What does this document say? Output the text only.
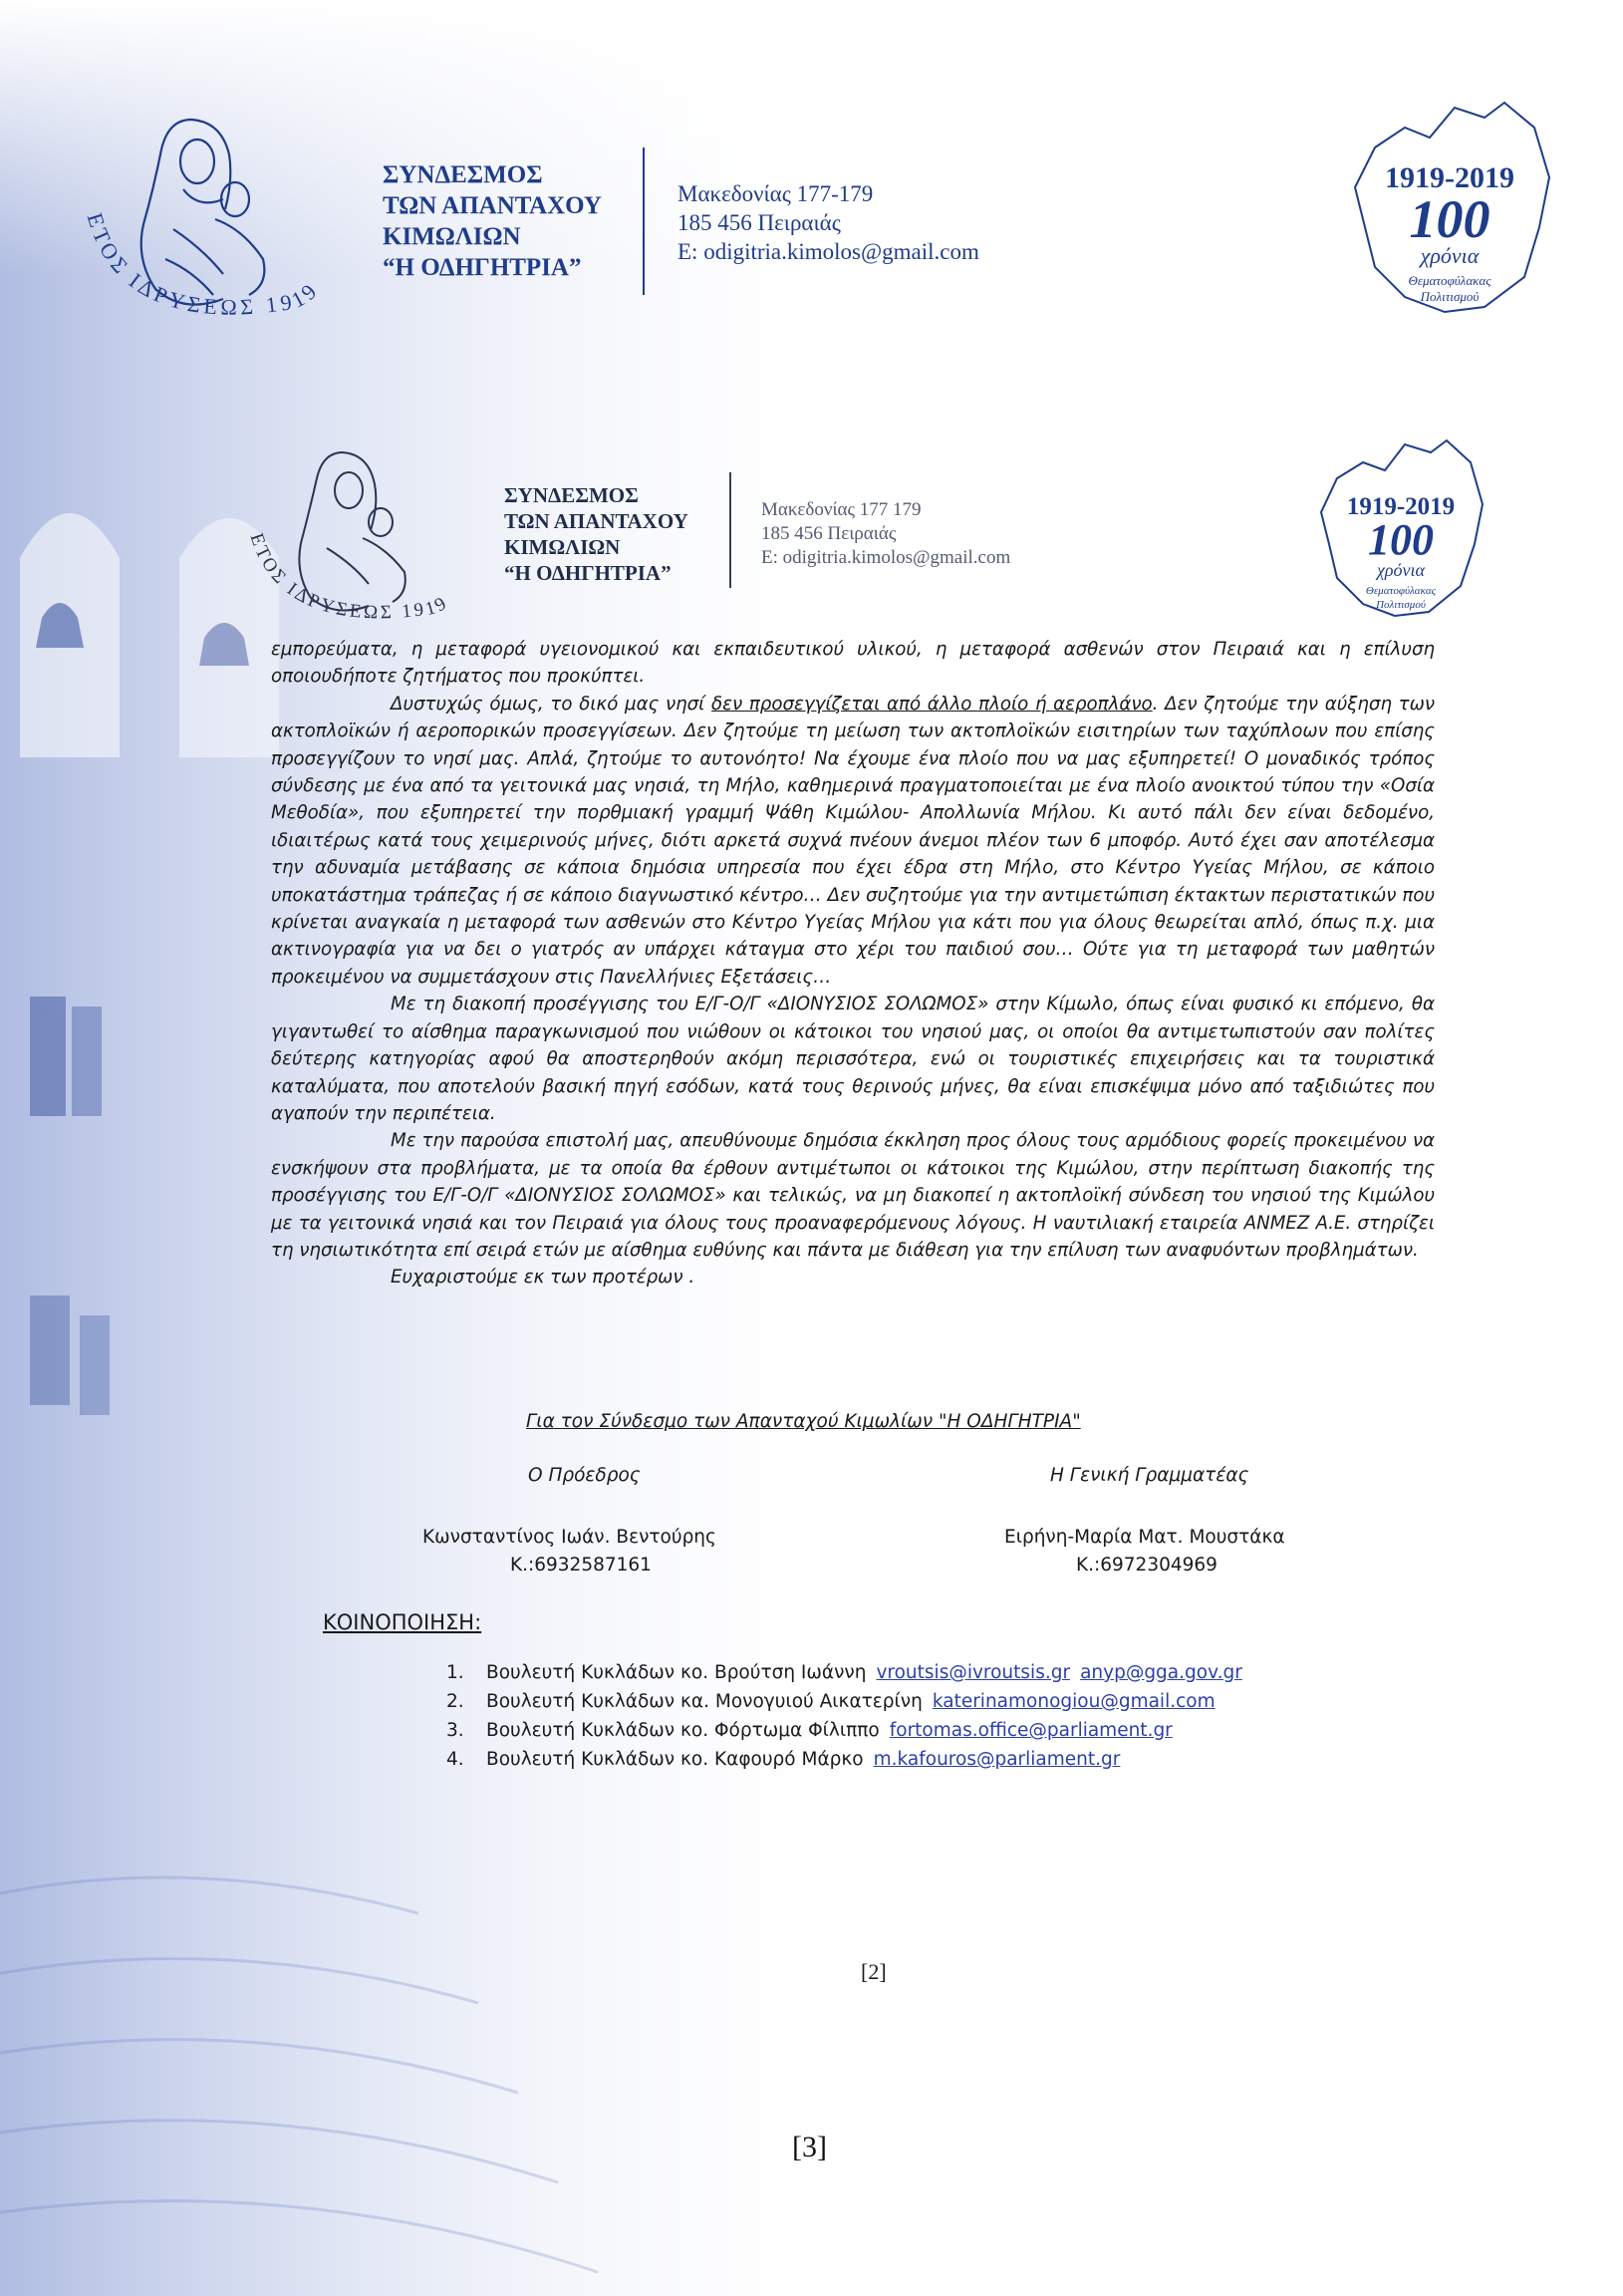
ΕΤΟΣ ΙΔΡΥΣΕΩΣ 1919
ΣΥΝΔΕΣΜΟΣ
ΤΩΝ ΑΠΑΝΤΑΧΟΥ
ΚΙΜΩΛΙΩΝ
“Η ΟΔΗΓΗΤΡΙΑ”
Μακεδονίας 177-179
185 456 Πειραιάς
E: odigitria.kimolos@gmail.com
1919-2019
100
χρόνια
Θεματοφύλακας
Πολιτισμού
ΕΤΟΣ ΙΔΡΥΣΕΩΣ 1919
ΣΥΝΔΕΣΜΟΣ
ΤΩΝ ΑΠΑΝΤΑΧΟΥ
ΚΙΜΩΛΙΩΝ
“Η ΟΔΗΓΗΤΡΙΑ”
Μακεδονίας 177 179
185 456 Πειραιάς
E: odigitria.kimolos@gmail.com
1919-2019
100
χρόνια
Θεματοφύλακας
Πολιτισμού

εμπορεύματα, η μεταφορά υγειονομικού και εκπαιδευτικού υλικού, η μεταφορά ασθενών στον Πειραιά και η επίλυση οποιουδήποτε ζητήματος που προκύπτει.

Δυστυχώς όμως, το δικό μας νησί δεν προσεγγίζεται από άλλο πλοίο ή αεροπλάνο. Δεν ζητούμε την αύξηση των ακτοπλοϊκών ή αεροπορικών προσεγγίσεων. Δεν ζητούμε τη μείωση των ακτοπλοϊκών εισιτηρίων των ταχύπλοων που επίσης προσεγγίζουν το νησί μας. Απλά, ζητούμε το αυτονόητο! Να έχουμε ένα πλοίο που να μας εξυπηρετεί! Ο μοναδικός τρόπος σύνδεσης με ένα από τα γειτονικά μας νησιά, τη Μήλο, καθημερινά πραγματοποιείται με ένα πλοίο ανοικτού τύπου την «Οσία Μεθοδία», που εξυπηρετεί την πορθμιακή γραμμή Ψάθη Κιμώλου- Απολλωνία Μήλου. Κι αυτό πάλι δεν είναι δεδομένο, ιδιαιτέρως κατά τους χειμερινούς μήνες, διότι αρκετά συχνά πνέουν άνεμοι πλέον των 6 μποφόρ. Αυτό έχει σαν αποτέλεσμα την αδυναμία μετάβασης σε κάποια δημόσια υπηρεσία που έχει έδρα στη Μήλο, στο Κέντρο Υγείας Μήλου, σε κάποιο υποκατάστημα τράπεζας ή σε κάποιο διαγνωστικό κέντρο… Δεν συζητούμε για την αντιμετώπιση έκτακτων περιστατικών που κρίνεται αναγκαία η μεταφορά των ασθενών στο Κέντρο Υγείας Μήλου για κάτι που για όλους θεωρείται απλό, όπως π.χ. μια ακτινογραφία για να δει ο γιατρός αν υπάρχει κάταγμα στο χέρι του παιδιού σου… Ούτε για τη μεταφορά των μαθητών προκειμένου να συμμετάσχουν στις Πανελλήνιες Εξετάσεις…

Με τη διακοπή προσέγγισης του Ε/Γ-Ο/Γ «ΔΙΟΝΥΣΙΟΣ ΣΟΛΩΜΟΣ» στην Κίμωλο, όπως είναι φυσικό κι επόμενο, θα γιγαντωθεί το αίσθημα παραγκωνισμού που νιώθουν οι κάτοικοι του νησιού μας, οι οποίοι θα αντιμετωπιστούν σαν πολίτες δεύτερης κατηγορίας αφού θα αποστερηθούν ακόμη περισσότερα, ενώ οι τουριστικές επιχειρήσεις και τα τουριστικά καταλύματα, που αποτελούν βασική πηγή εσόδων, κατά τους θερινούς μήνες, θα είναι επισκέψιμα μόνο από ταξιδιώτες που αγαπούν την περιπέτεια.

Με την παρούσα επιστολή μας, απευθύνουμε δημόσια έκκληση προς όλους τους αρμόδιους φορείς προκειμένου να ενσκήψουν στα προβλήματα, με τα οποία θα έρθουν αντιμέτωποι οι κάτοικοι της Κιμώλου, στην περίπτωση διακοπής της προσέγγισης του Ε/Γ-Ο/Γ «ΔΙΟΝΥΣΙΟΣ ΣΟΛΩΜΟΣ» και τελικώς, να μη διακοπεί η ακτοπλοϊκή σύνδεση του νησιού της Κιμώλου με τα γειτονικά νησιά και τον Πειραιά για όλους τους προαναφερόμενους λόγους. Η ναυτιλιακή εταιρεία ΑΝΜΕΖ Α.Ε. στηρίζει τη νησιωτικότητα επί σειρά ετών με αίσθημα ευθύνης και πάντα με διάθεση για την επίλυση των αναφυόντων προβλημάτων.

Ευχαριστούμε εκ των προτέρων .

Για τον Σύνδεσμο των Απανταχού Κιμωλίων "Η ΟΔΗΓΗΤΡΙΑ"
Ο Πρόεδρος	Η Γενική Γραμματέας
Κωνσταντίνος Ιωάν. Βεντούρης	Ειρήνη-Μαρία Ματ. Μουστάκα
Κ.:6932587161	Κ.:6972304969
ΚΟΙΝΟΠΟΙΗΣΗ:
1.	Βουλευτή Κυκλάδων κο. Βρούτση Ιωάννη vroutsis@ivroutsis.gr anyp@gga.gov.gr
2.	Βουλευτή Κυκλάδων κα. Μονογυιού Αικατερίνη katerinamonogiou@gmail.com
3.	Βουλευτή Κυκλάδων κο. Φόρτωμα Φίλιππο fortomas.office@parliament.gr
4.	Βουλευτή Κυκλάδων κο. Καφουρό Μάρκο m.kafouros@parliament.gr
[2]
[3]
